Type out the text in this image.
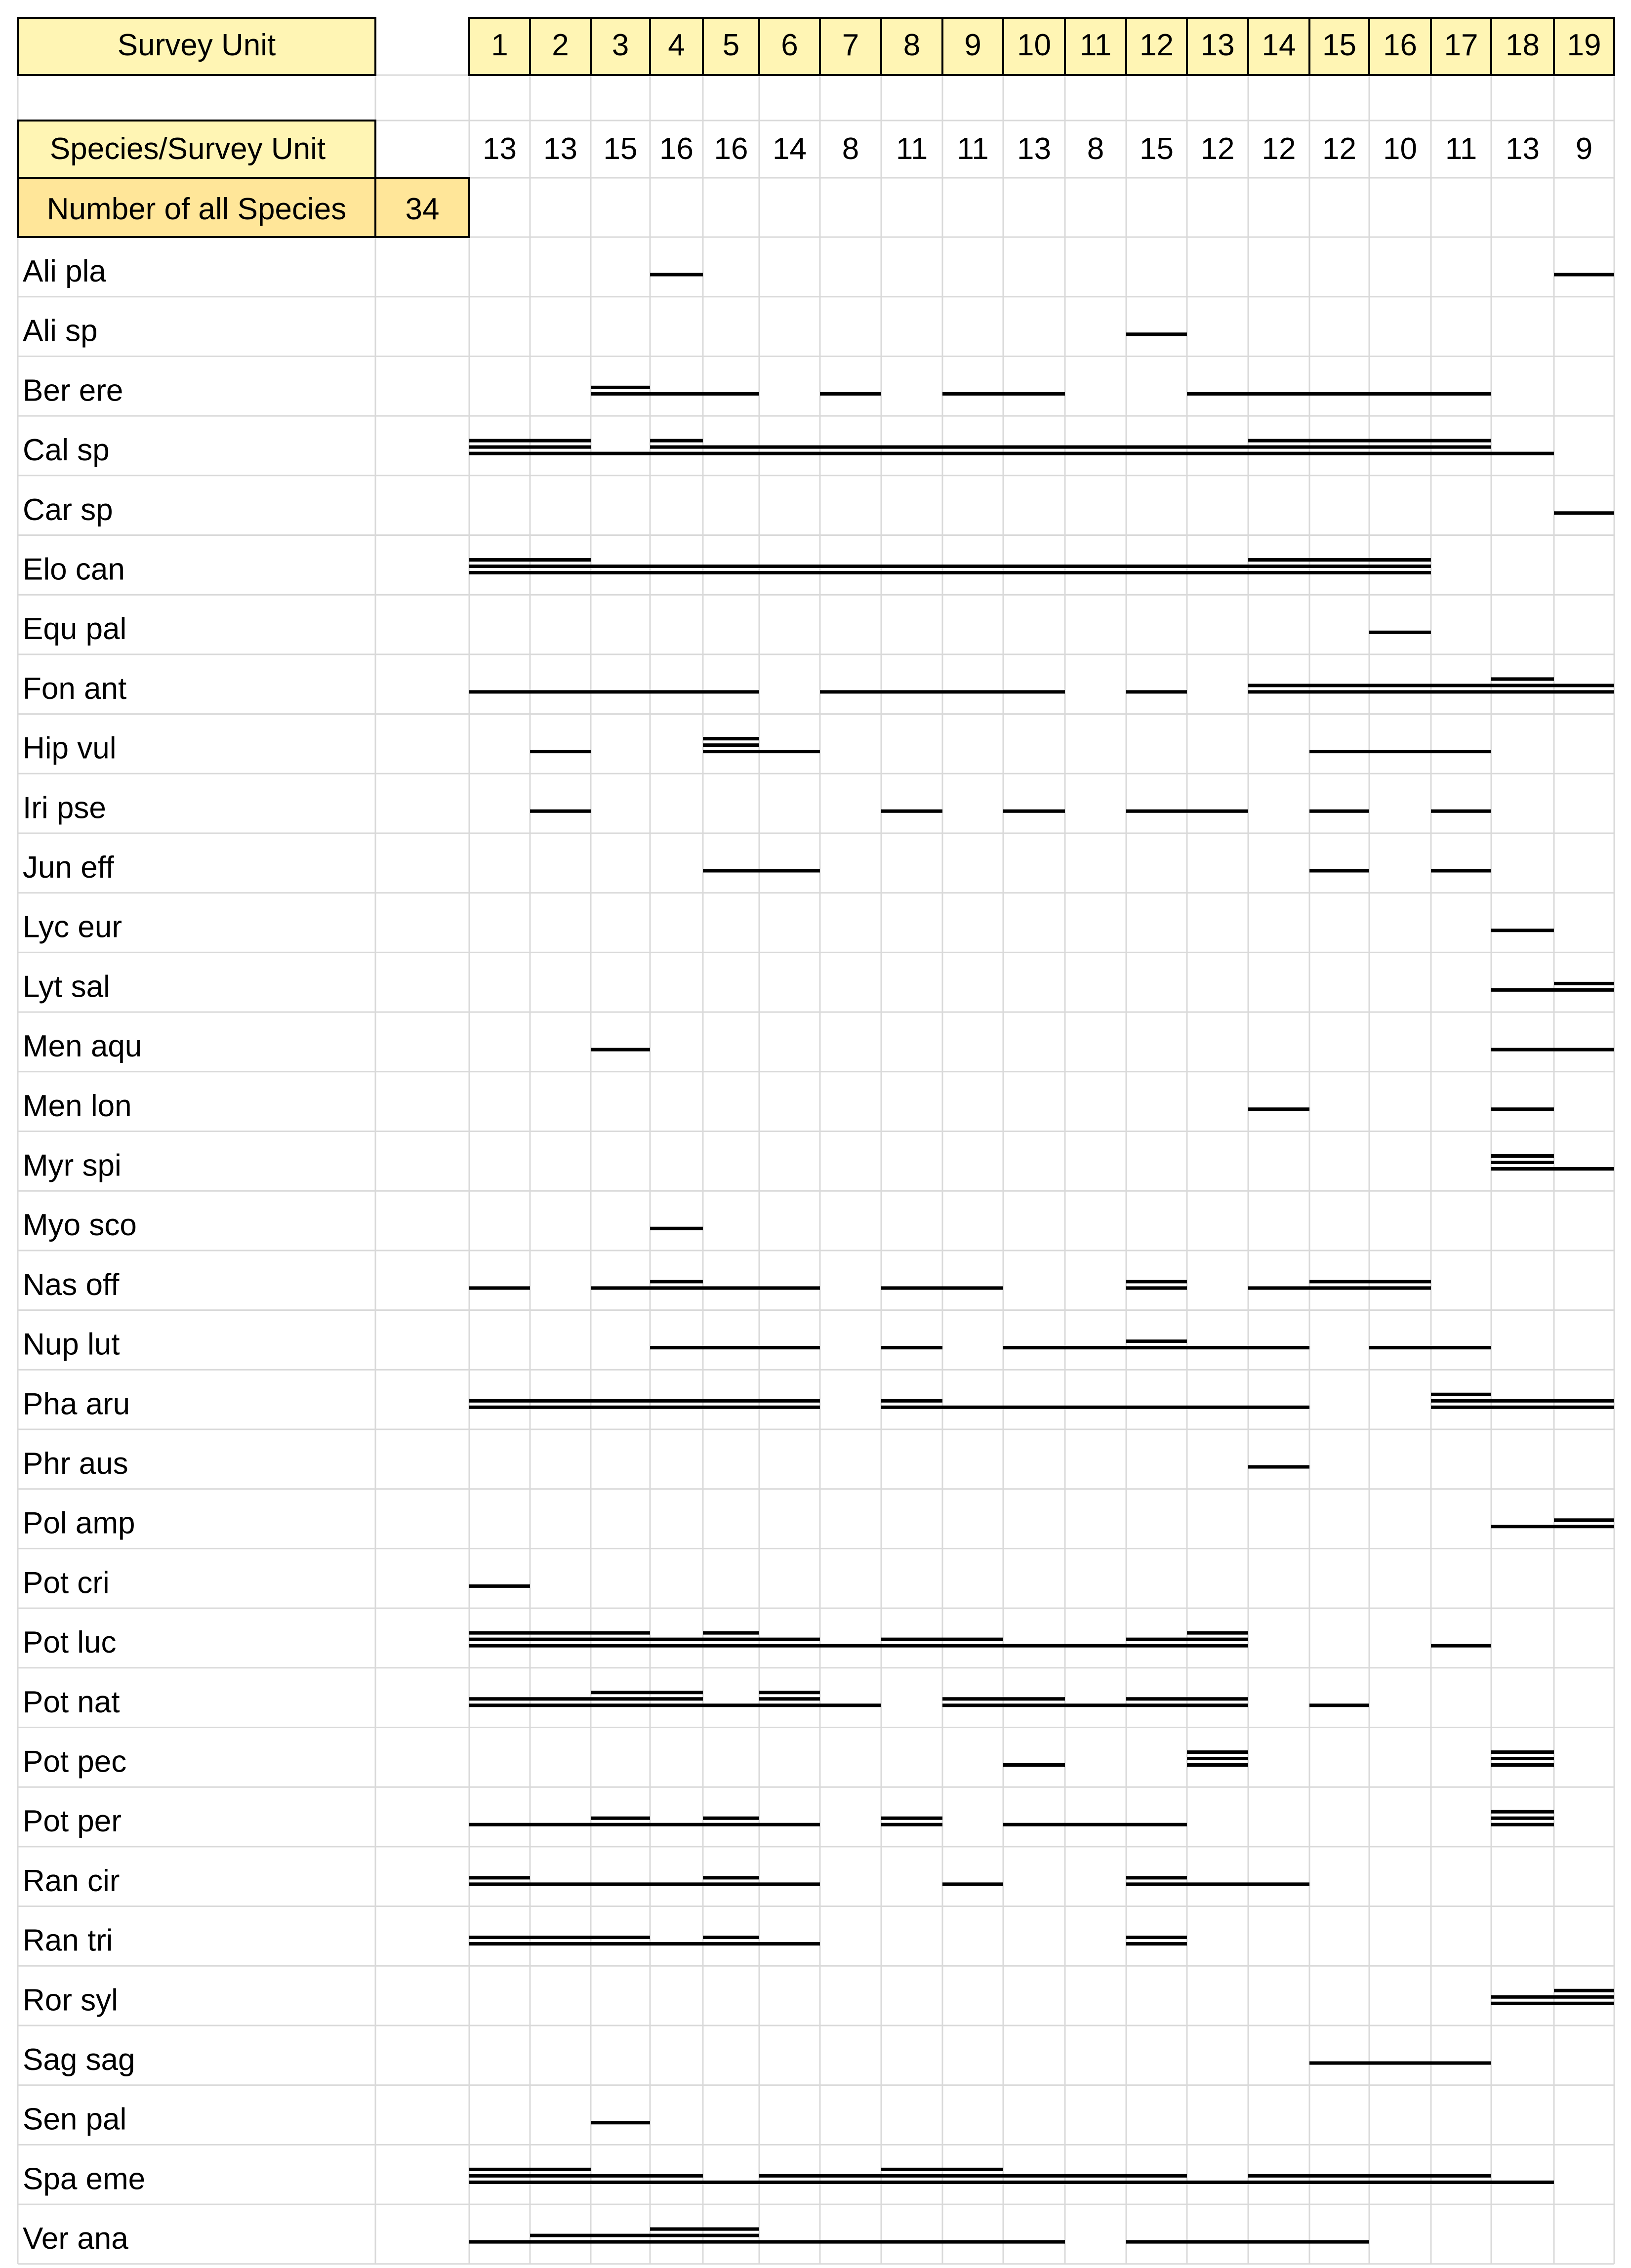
Survey Unit
Species/Survey Unit
Number of all Species 34
1 2 3 4 5 6 7 8 9 10 11 12 13 14 15 16 17 18 19
13 13 15 16 16 14 8 11 11 13 8 15 12 12 12 10 11 13 9
Ali pla
Ali sp
Ber ere
Cal sp
Car sp
Elo can
Equ pal
Fon ant
Hip vul
Iri pse
Jun eff
Lyc eur
Lyt sal
Men aqu
Men lon
Myr spi
Myo sco
Nas off
Nup lut
Pha aru
Phr aus
Pol amp
Pot cri
Pot luc
Pot nat
Pot pec
Pot per
Ran cir
Ran tri
Ror syl
Sag sag
Sen pal
Spa eme
Ver ana
